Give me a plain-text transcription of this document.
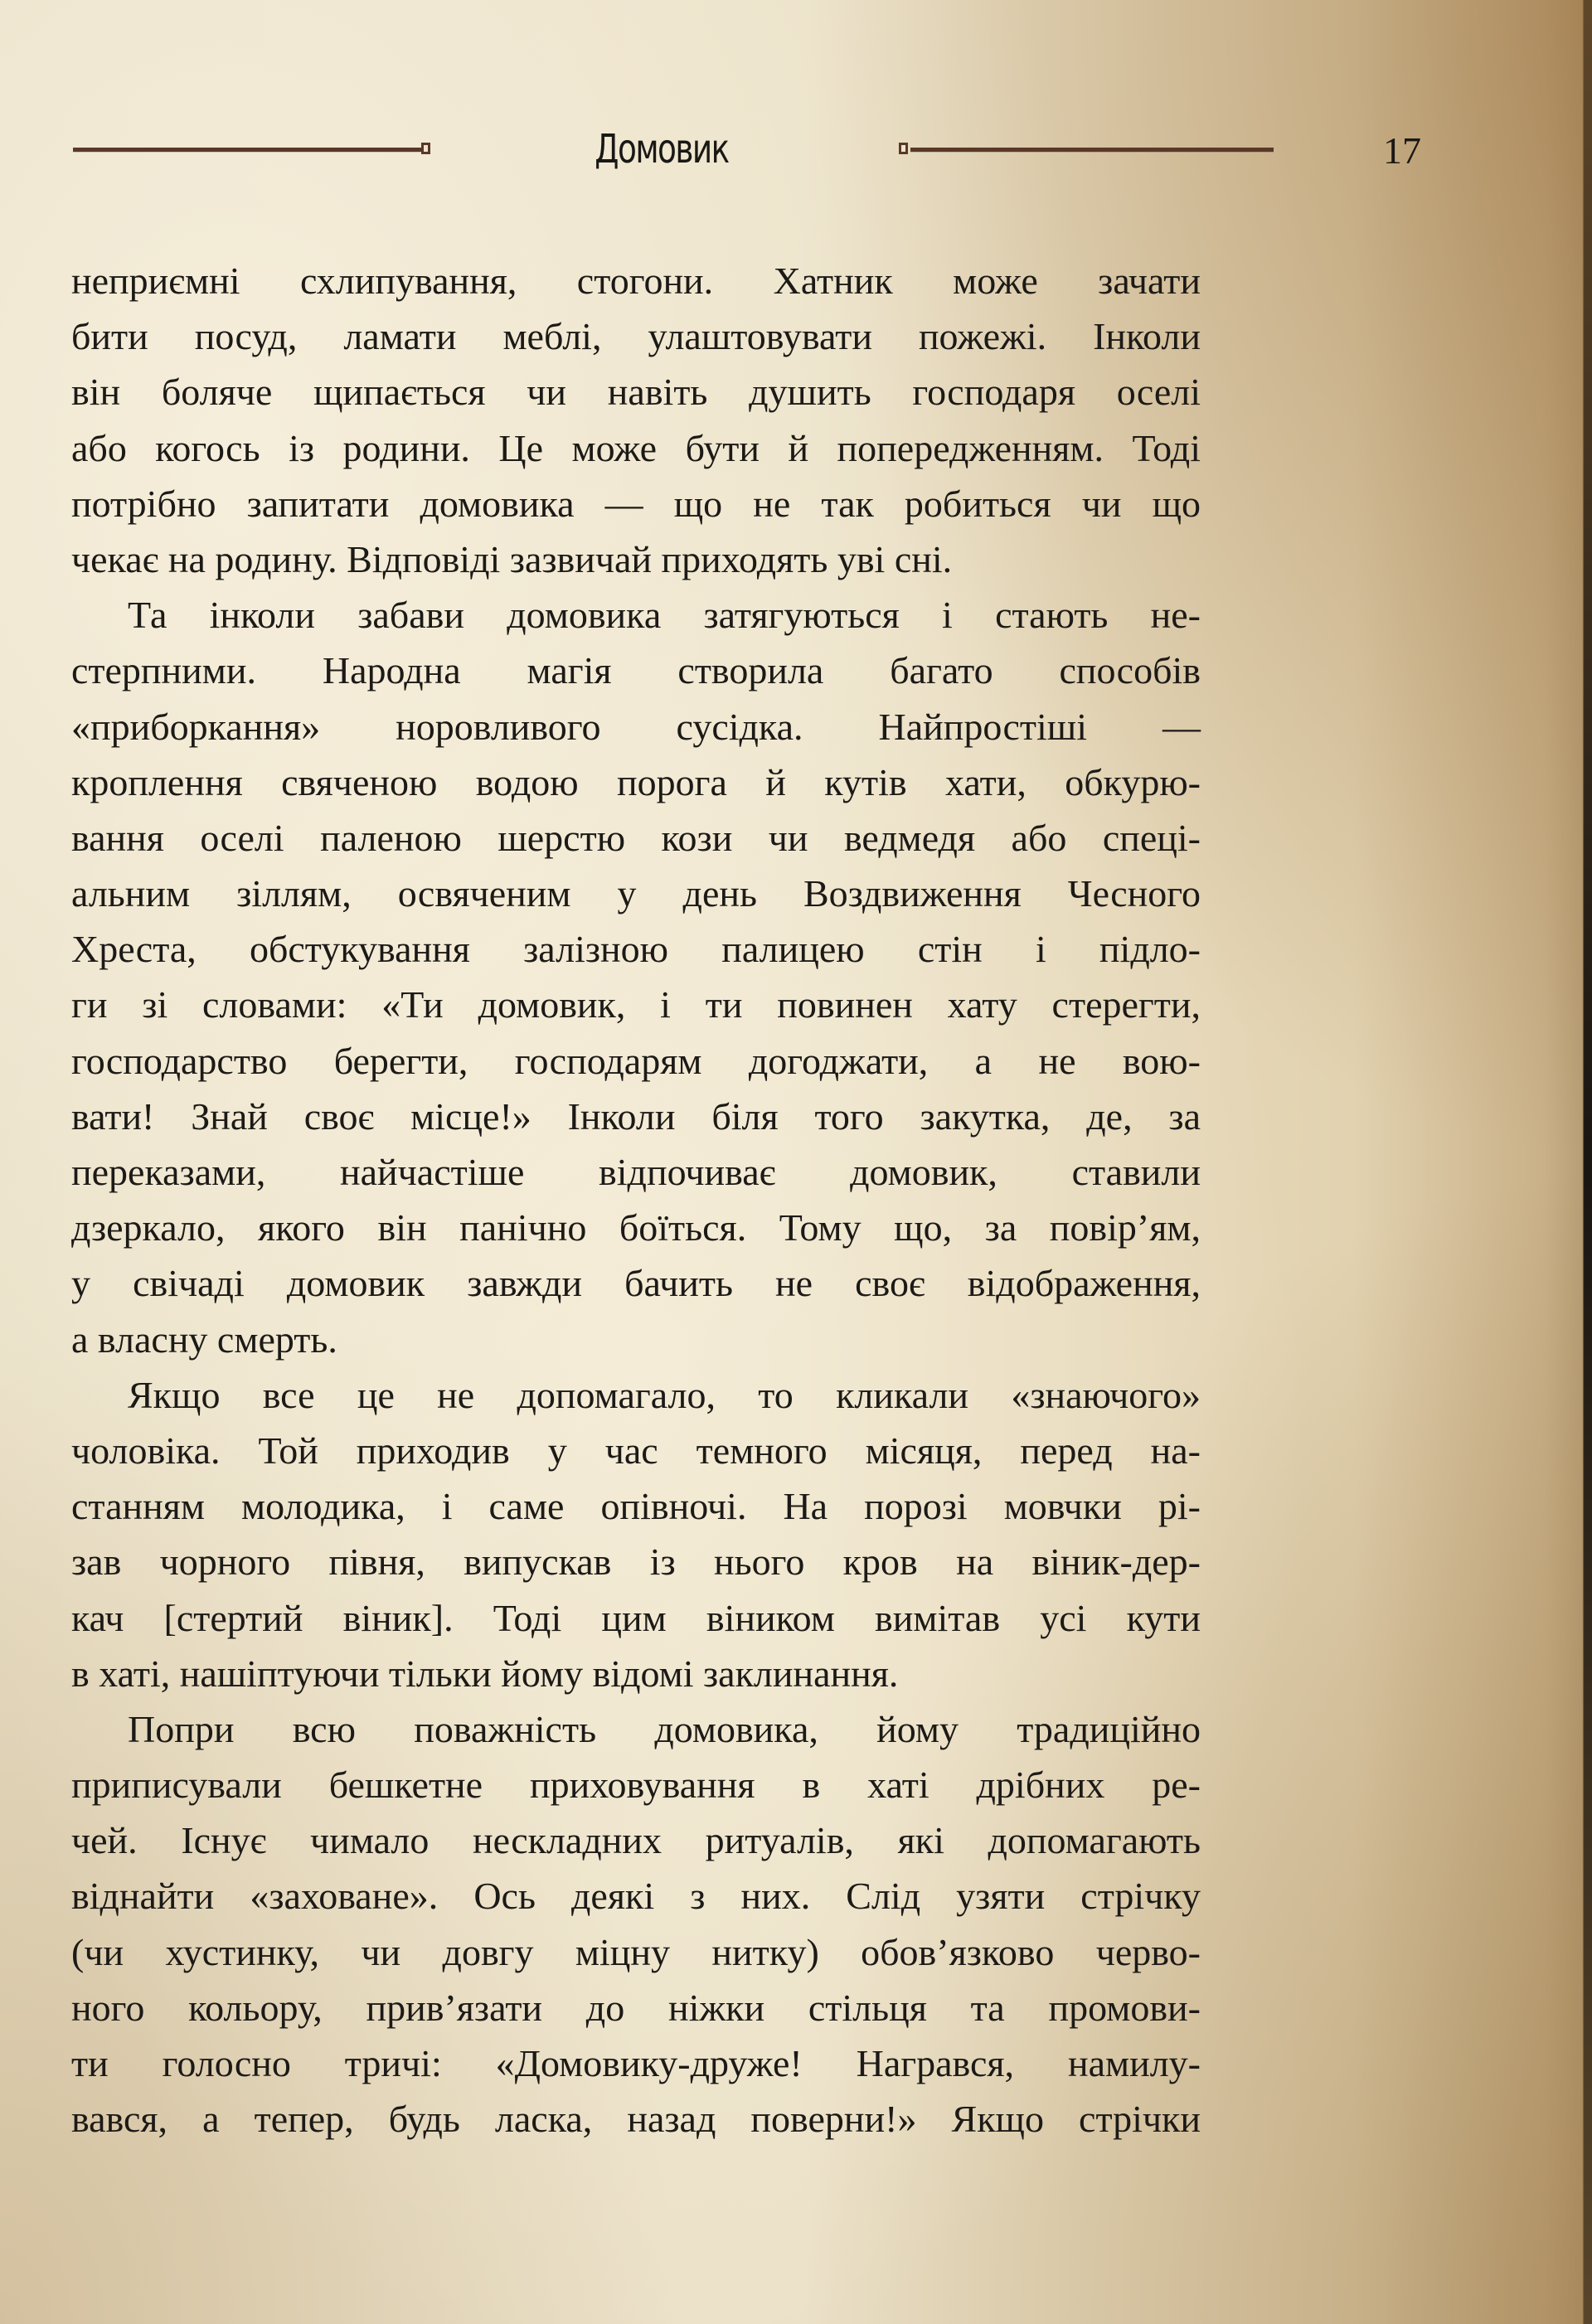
Домовик	17
неприємні схлипування, стогони. Хатник може зачати
бити посуд, ламати меблі, улаштовувати пожежі. Інколи
він боляче щипається чи навіть душить господаря оселі
або когось із родини. Це може бути й попередженням. Тоді
потрібно запитати домовика — що не так робиться чи що
чекає на родину. Відповіді зазвичай приходять уві сні.
Та інколи забави домовика затягуються і стають не-
стерпними. Народна магія створила багато способів
«приборкання» норовливого сусідка. Найпростіші —
кроплення свяченою водою порога й кутів хати, обкурю-
вання оселі паленою шерстю кози чи ведмедя або спеці-
альним зіллям, освяченим у день Воздвиження Чесного
Хреста, обстукування залізною палицею стін і підло-
ги зі словами: «Ти домовик, і ти повинен хату стерегти,
господарство берегти, господарям догоджати, а не вою-
вати! Знай своє місце!» Інколи біля того закутка, де, за
переказами, найчастіше відпочиває домовик, ставили
дзеркало, якого він панічно боїться. Тому що, за повір’ям,
у свічаді домовик завжди бачить не своє відображення,
а власну смерть.
Якщо все це не допомагало, то кликали «знаючого»
чоловіка. Той приходив у час темного місяця, перед на-
станням молодика, і саме опівночі. На порозі мовчки рі-
зав чорного півня, випускав із нього кров на віник-дер-
кач [стертий віник]. Тоді цим віником вимітав усі кути
в хаті, нашіптуючи тільки йому відомі заклинання.
Попри всю поважність домовика, йому традиційно
приписували бешкетне приховування в хаті дрібних ре-
чей. Існує чимало нескладних ритуалів, які допомагають
віднайти «заховане». Ось деякі з них. Слід узяти стрічку
(чи хустинку, чи довгу міцну нитку) обов’язково черво-
ного кольору, прив’язати до ніжки стільця та промови-
ти голосно тричі: «Домовику-друже! Награвся, намилу-
вався, а тепер, будь ласка, назад поверни!» Якщо стрічки
